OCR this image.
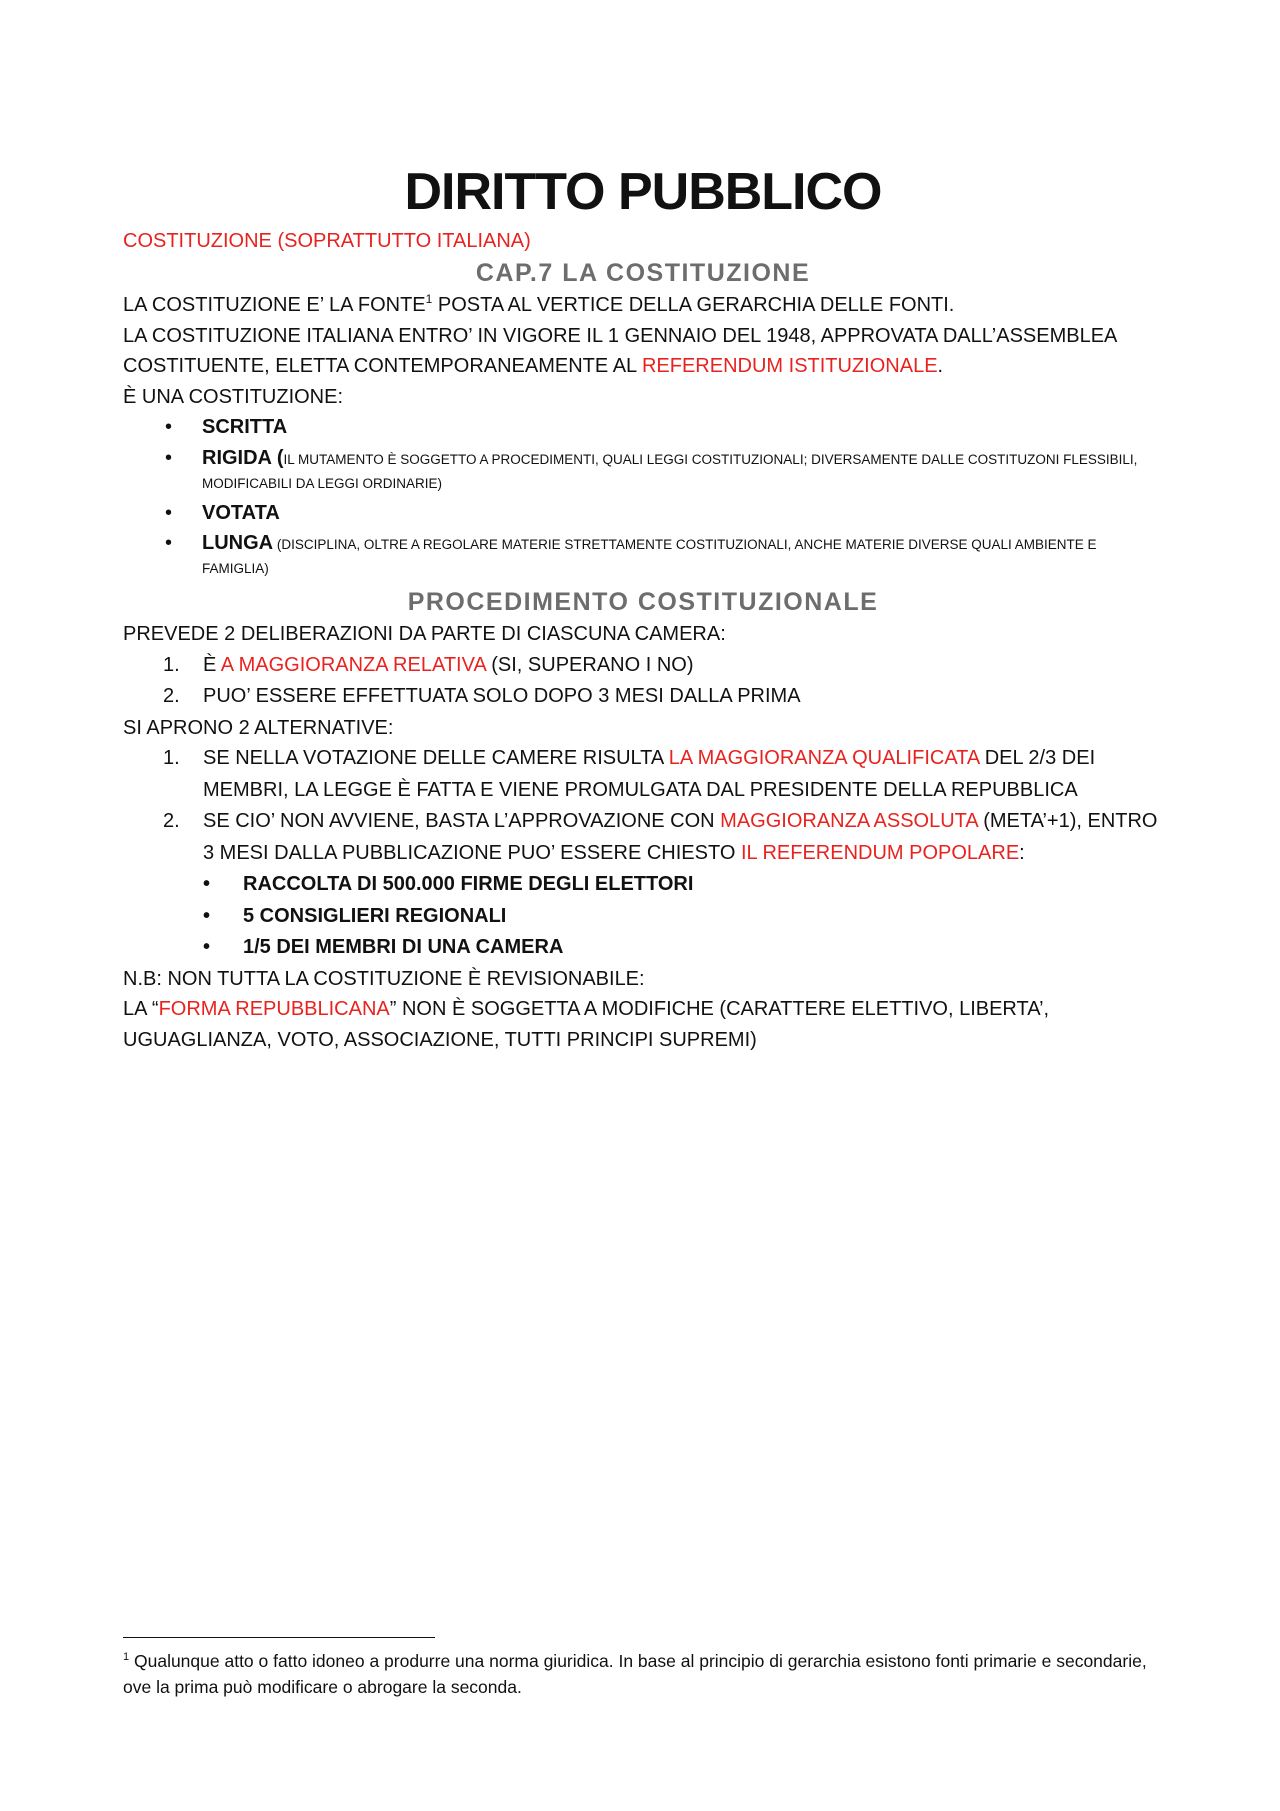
DIRITTO PUBBLICO
COSTITUZIONE (SOPRATTUTTO ITALIANA)
CAP.7 LA COSTITUZIONE

LA COSTITUZIONE E’ LA FONTE$^1$ POSTA AL VERTICE DELLA GERARCHIA DELLE FONTI.

LA COSTITUZIONE ITALIANA ENTRO’ IN VIGORE IL 1 GENNAIO DEL 1948, APPROVATA DALL’ASSEMBLEA

COSTITUENTE, ELETTA CONTEMPORANEAMENTE AL REFERENDUM ISTITUZIONALE.

È UNA COSTITUZIONE:

• SCRITTA
• RIGIDA (IL MUTAMENTO È SOGGETTO A PROCEDIMENTI, QUALI LEGGI COSTITUZIONALI; DIVERSAMENTE DALLE COSTITUZONI FLESSIBILI, MODIFICABILI DA LEGGI ORDINARIE)
• VOTATA
• LUNGA (DISCIPLINA, OLTRE A REGOLARE MATERIE STRETTAMENTE COSTITUZIONALI, ANCHE MATERIE DIVERSE QUALI AMBIENTE E FAMIGLIA)
PROCEDIMENTO COSTITUZIONALE

PREVEDE 2 DELIBERAZIONI DA PARTE DI CIASCUNA CAMERA:

1. È A MAGGIORANZA RELATIVA (SI, SUPERANO I NO)
2. PUO’ ESSERE EFFETTUATA SOLO DOPO 3 MESI DALLA PRIMA

SI APRONO 2 ALTERNATIVE:

1. SE NELLA VOTAZIONE DELLE CAMERE RISULTA LA MAGGIORANZA QUALIFICATA DEL 2/3 DEI MEMBRI, LA LEGGE È FATTA E VIENE PROMULGATA DAL PRESIDENTE DELLA REPUBBLICA
2. SE CIO’ NON AVVIENE, BASTA L’APPROVAZIONE CON MAGGIORANZA ASSOLUTA (META’+1), ENTRO 3 MESI DALLA PUBBLICAZIONE PUO’ ESSERE CHIESTO IL REFERENDUM POPOLARE:
• RACCOLTA DI 500.000 FIRME DEGLI ELETTORI
• 5 CONSIGLIERI REGIONALI
• 1/5 DEI MEMBRI DI UNA CAMERA

N.B: NON TUTTA LA COSTITUZIONE È REVISIONABILE:

LA “FORMA REPUBBLICANA” NON È SOGGETTA A MODIFICHE (CARATTERE ELETTIVO, LIBERTA’, UGUAGLIANZA, VOTO, ASSOCIAZIONE, TUTTI PRINCIPI SUPREMI)

$^1$ Qualunque atto o fatto idoneo a produrre una norma giuridica. In base al principio di gerarchia esistono fonti primarie e secondarie, ove la prima può modificare o abrogare la seconda.
